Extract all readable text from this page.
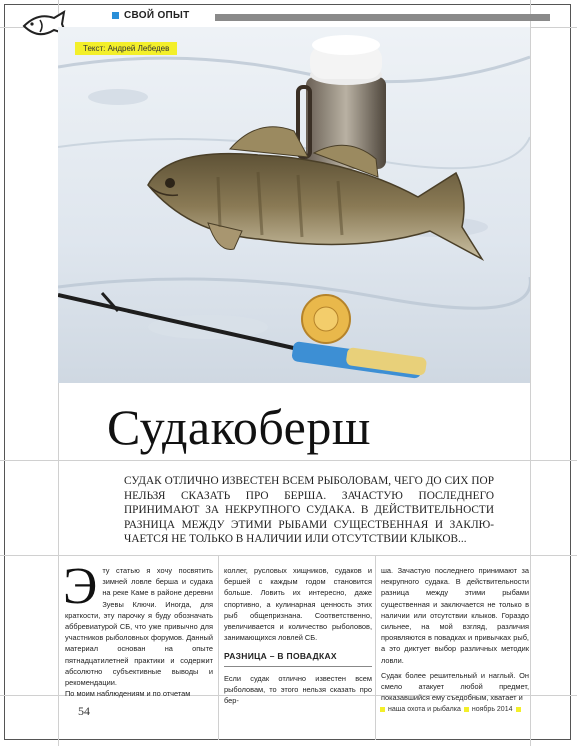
СВОЙ ОПЫТ
Текст: Андрей Лебедев
Судакоберш

СУДАК ОТЛИЧНО ИЗВЕСТЕН ВСЕМ РЫБОЛОВАМ, ЧЕГО ДО СИХ ПОР НЕЛЬЗЯ СКАЗАТЬ ПРО БЕРША. ЗАЧАСТУЮ ПОСЛЕДНЕГО ПРИНИМАЮТ ЗА НЕКРУПНОГО СУДАКА. В ДЕЙСТВИТЕЛЬНОСТИ РАЗНИЦА МЕЖДУ ЭТИМИ РЫБАМИ СУЩЕСТВЕННАЯ И ЗАКЛЮ- ЧАЕТСЯ НЕ ТОЛЬКО В НАЛИЧИИ ИЛИ ОТСУТСТВИИ КЛЫКОВ...

Э ту статью я хочу посвятить зимней ловле берша и судака на реке Каме в районе деревни Зуевы Ключи. Иногда, для краткости, эту парочку я буду обозначать аббревиатурой СБ, что уже привычно для участников рыболовных форумов. Данный материал основан на опыте пятнадцатилетней практики и содержит абсолютно субъективные выводы и рекомендации.

По моим наблюдениям и по отчетам

коллег, русловых хищников, судаков и бершей с каждым годом становится больше. Ловить их интересно, даже спортивно, а кулинарная ценность этих рыб общепризнана. Соответственно, увеличивается и количество рыболовов, занимающихся ловлей СБ.

РАЗНИЦА – В ПОВАДКАХ

Если судак отлично известен всем рыболовам, то этого нельзя сказать про бер-

ша. Зачастую последнего принимают за некрупного судака. В действительности разница между этими рыбами существенная и заключается не только в наличии или отсутствии клыков. Гораздо сильнее, на мой взгляд, различия проявляются в повадках и привычках рыб, а это диктует выбор различных методик ловли.

Судак более решительный и наглый. Он смело атакует любой предмет, показавшийся ему съедобным, хватает и

54	наша охота и рыбалка ноябрь 2014
